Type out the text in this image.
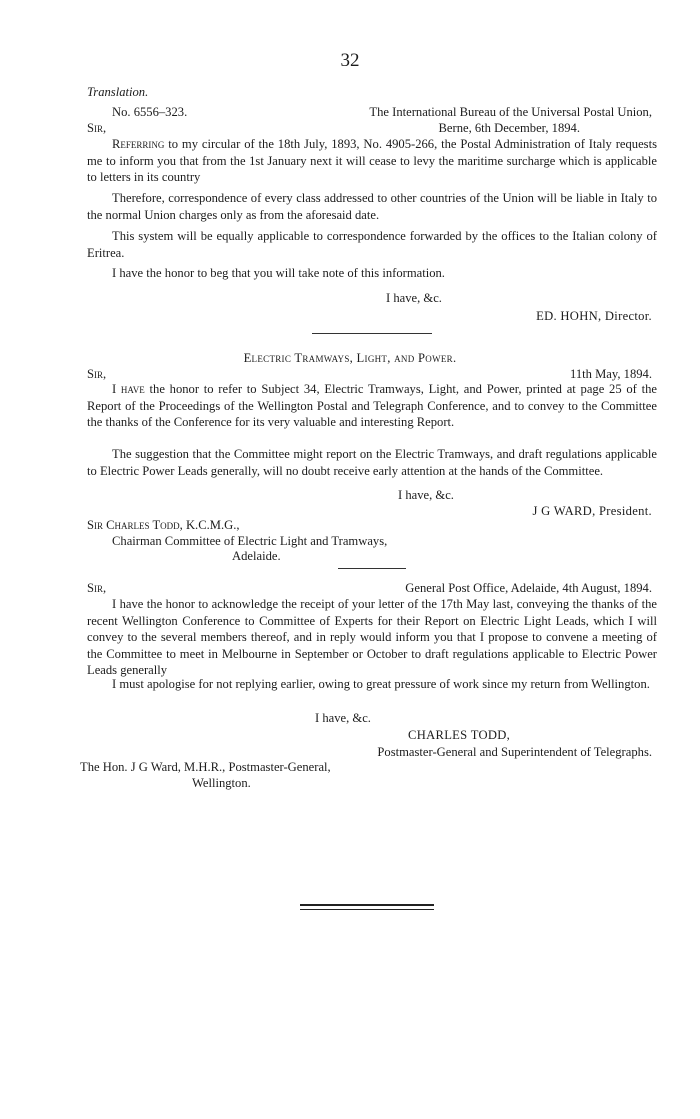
32
Translation.
No. 6556–323.	The International Bureau of the Universal Postal Union,
Sir,	Berne, 6th December, 1894.
Referring to my circular of the 18th July, 1893, No. 4905-266, the Postal Administration of Italy requests me to inform you that from the 1st January next it will cease to levy the maritime surcharge which is applicable to letters in its country
Therefore, correspondence of every class addressed to other countries of the Union will be liable in Italy to the normal Union charges only as from the aforesaid date.
This system will be equally applicable to correspondence forwarded by the offices to the Italian colony of Eritrea.
I have the honor to beg that you will take note of this information.
I have, &c.
ED. HOHN, Director.
Electric Tramways, Light, and Power.
Sir,	11th May, 1894.
I have the honor to refer to Subject 34, Electric Tramways, Light, and Power, printed at page 25 of the Report of the Proceedings of the Wellington Postal and Telegraph Conference, and to convey to the Committee the thanks of the Conference for its very valuable and interesting Report.
The suggestion that the Committee might report on the Electric Tramways, and draft regulations applicable to Electric Power Leads generally, will no doubt receive early attention at the hands of the Committee.
I have, &c.
J G WARD, President.
Sir Charles Todd, K.C.M.G.,
Chairman Committee of Electric Light and Tramways,
Adelaide.
Sir,	General Post Office, Adelaide, 4th August, 1894.
I have the honor to acknowledge the receipt of your letter of the 17th May last, conveying the thanks of the recent Wellington Conference to Committee of Experts for their Report on Electric Light Leads, which I will convey to the several members thereof, and in reply would inform you that I propose to convene a meeting of the Committee to meet in Melbourne in September or October to draft regulations applicable to Electric Power Leads generally
I must apologise for not replying earlier, owing to great pressure of work since my return from Wellington.
I have, &c.
CHARLES TODD,
Postmaster-General and Superintendent of Telegraphs.
The Hon. J G Ward, M.H.R., Postmaster-General,
Wellington.
